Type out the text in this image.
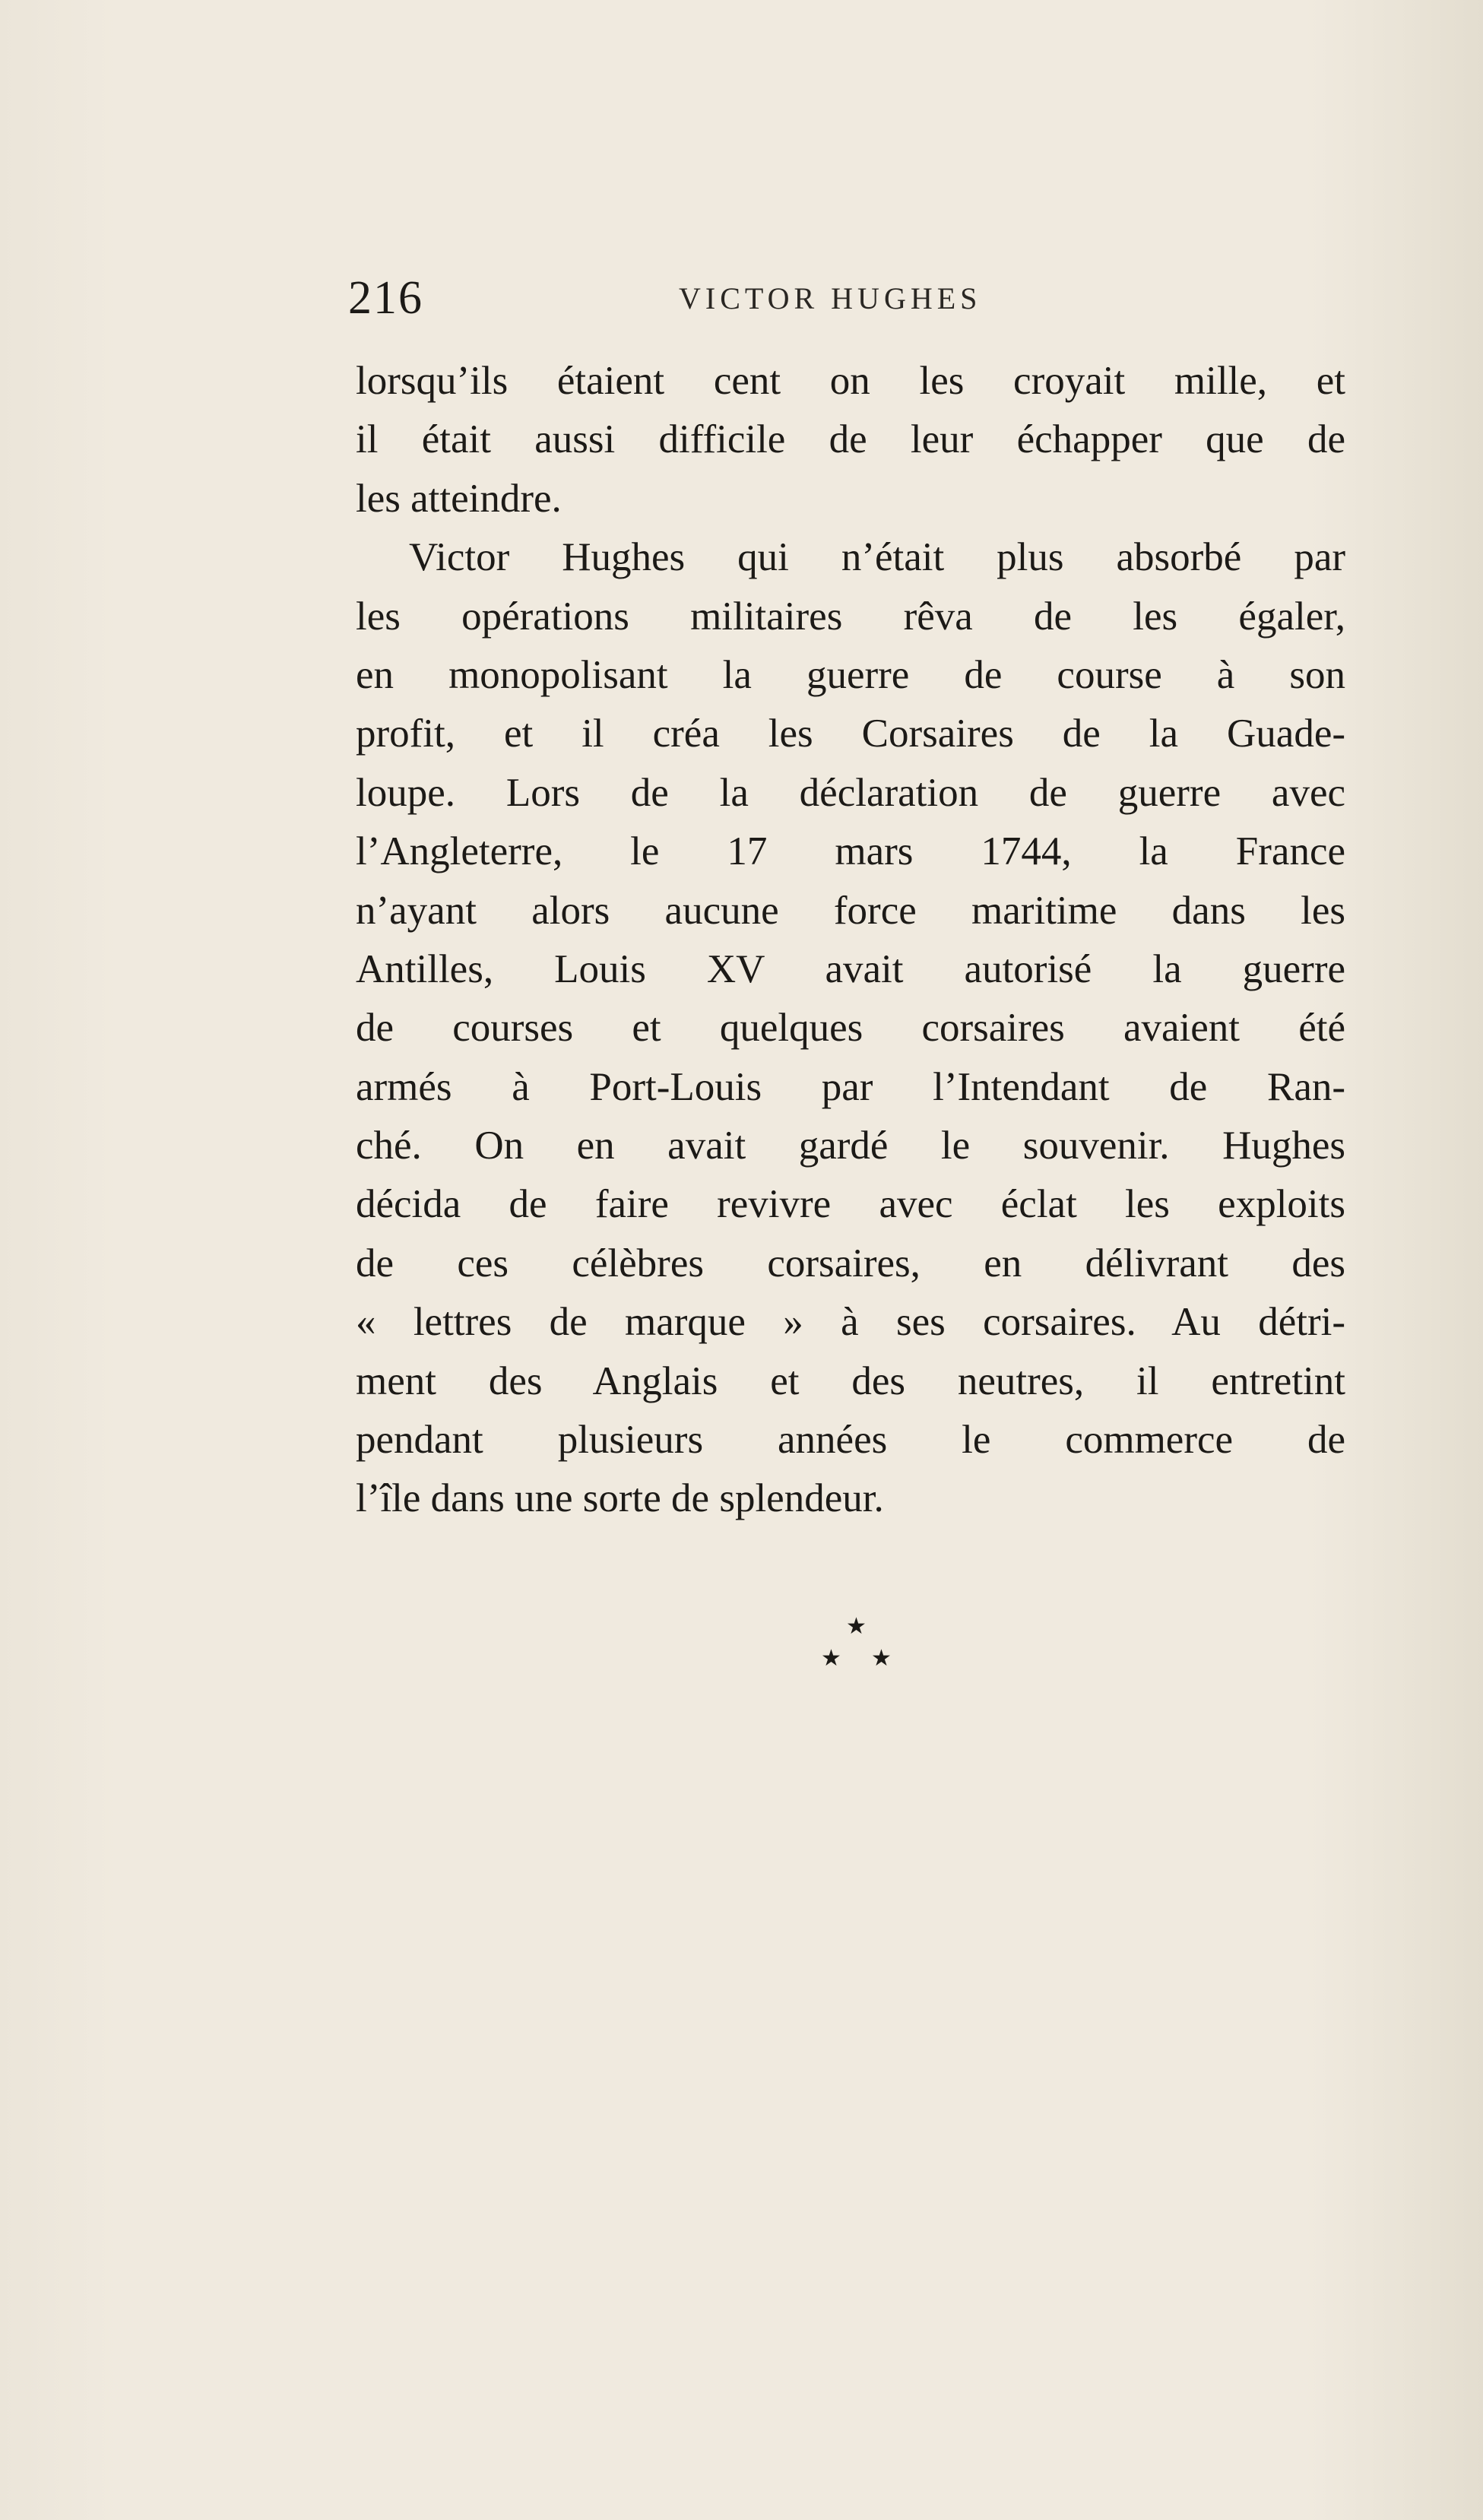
216	VICTOR HUGHES
lorsqu’ils étaient cent on les croyait mille, et
il était aussi difficile de leur échapper que de
les atteindre.
Victor Hughes qui n’était plus absorbé par
les opérations militaires rêva de les égaler,
en monopolisant la guerre de course à son
profit, et il créa les Corsaires de la Guade-
loupe. Lors de la déclaration de guerre avec
l’Angleterre, le 17 mars 1744, la France
n’ayant alors aucune force maritime dans les
Antilles, Louis XV avait autorisé la guerre
de courses et quelques corsaires avaient été
armés à Port-Louis par l’Intendant de Ran-
ché. On en avait gardé le souvenir. Hughes
décida de faire revivre avec éclat les exploits
de ces célèbres corsaires, en délivrant des
« lettres de marque » à ses corsaires. Au détri-
ment des Anglais et des neutres, il entretint
pendant plusieurs années le commerce de
l’île dans une sorte de splendeur.
★
★ ★
